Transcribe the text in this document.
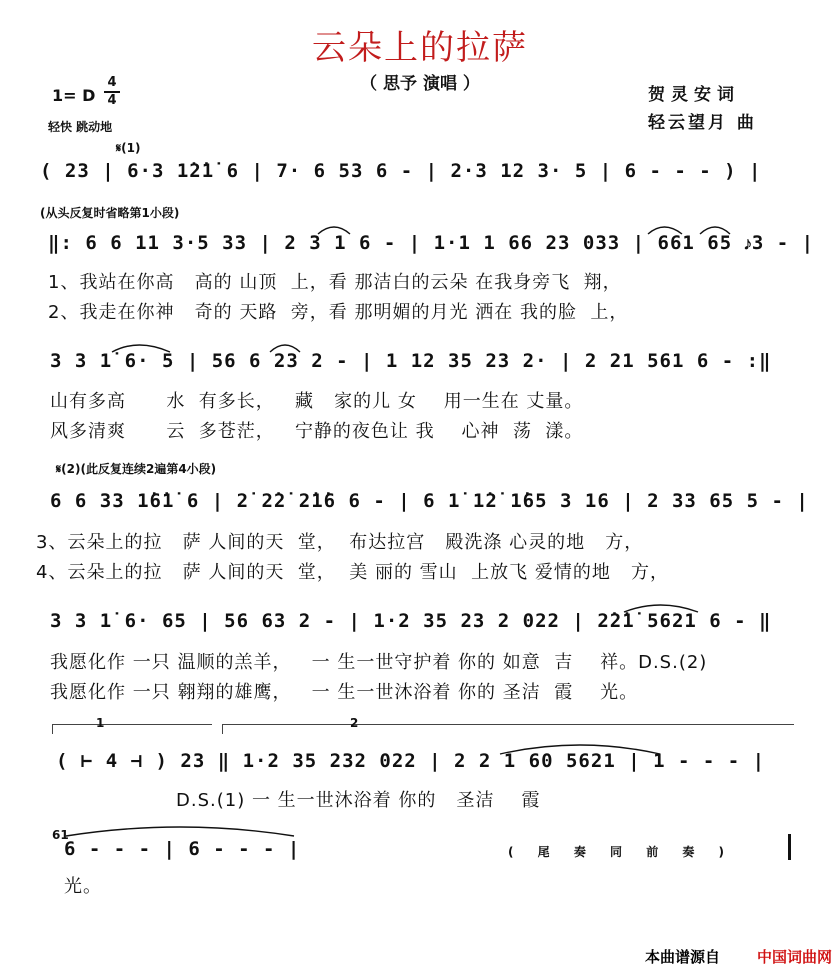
云朵上的拉萨
（ 思予 演唱 ）
贺灵安词
轻云望月 曲
1= D
4
4
轻快 跳动地
𝄋(1)
( 23 | 6·3 1̇2̇1̇ 6 | 7· 6 53 6 - | 2·3 12 3· 5 | 6 - - - ) |
(从头反复时省略第1小段)
‖: 6 6 11 3·5 33 | 2 3 1 6 - | 1·1 1 66 23 033 | 661 65 𝆕3 - |
1、我站在你高   高的 山顶  上，看 那洁白的云朵 在我身旁飞  翔，
2、我走在你神   奇的 天路  旁，看 那明媚的月光 洒在 我的脸  上，
3 3 1̇ 6· 5 | 56 6 23 2 - | 1 12 35 23 2· | 2 21 561 6 - :‖
山有多高      水  有多长，   藏   家的儿 女    用一生在 丈量。
风多清爽      云  多苍茫，   宁静的夜色让 我    心神  荡  漾。
𝄋(2)(此反复连续2遍第4小段)
6 6 33 1̇6̇1̇ 6 | 2̇ 2̇2̇ 2̇1̇6 6 - | 6 1̇ 1̇2̇ 1̇65 3 16 | 2 33 65 5 - |
3、云朵上的拉   萨 人间的天  堂，  布达拉宫   殿洗涤 心灵的地   方，
4、云朵上的拉   萨 人间的天  堂，  美 丽的 雪山  上放飞 爱情的地   方，
3 3 1̇ 6· 65 | 56 63 2 - | 1·2 35 23 2 022 | 2̇2̇1̇ 5621 6 - ‖
我愿化作 一只 温顺的羔羊，   一 生一世守护着 你的 如意  吉    祥。D.S.(2)
我愿化作 一只 翱翔的雄鹰，   一 生一世沐浴着 你的 圣洁  霞    光。
1	2
( ⊢ 4 ⊣ ) 23 ‖ 1·2 35 232 022 | 2 2 1 60 5621 | 1 - - - |
D.S.(1) 一 生一世沐浴着 你的   圣洁    霞
61
6 - - - | 6 - - - |	( 尾 奏 同 前 奏 )
光。
本曲谱源自 中国词曲网
